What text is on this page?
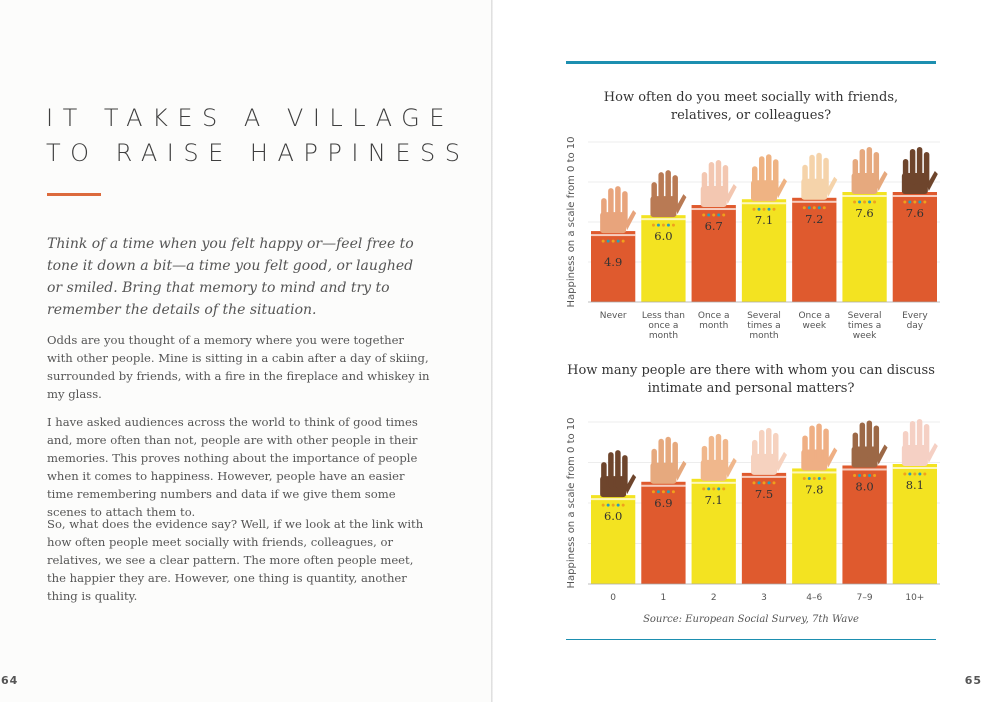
IT TAKES A VILLAGE
TO RAISE HAPPINESS
Think of a time when you felt happy or—feel free to tone it down a bit—a time you felt good, or laughed or smiled. Bring that memory to mind and try to remember the details of the situation.

Odds are you thought of a memory where you were together with other people. Mine is sitting in a cabin after a day of skiing, surrounded by friends, with a fire in the fireplace and whiskey in my glass.

I have asked audiences across the world to think of good times and, more often than not, people are with other people in their memories. This proves nothing about the importance of people when it comes to happiness. However, people have an easier time remembering numbers and data if we give them some scenes to attach them to.

So, what does the evidence say? Well, if we look at the link with how often people meet socially with friends, colleagues, or relatives, we see a clear pattern. The more often people meet, the happier they are. However, one thing is quantity, another thing is quality.

64	65
How often do you meet socially with friends,
relatives, or colleagues?
Happiness on a scale from 0 to 10 4.9
Never
6.0
Less than
once a
month
6.7
Once a
month
7.1
Several
times a
month
7.2
Once a
week
7.6
Several
times a
week
7.6
Every
day
How many people are there with whom you can discuss
intimate and personal matters?
Happiness on a scale from 0 to 10 6.0
0
6.9
1
7.1
2
7.5
3
7.8
4–6
8.0
7–9
8.1
10+
Source: European Social Survey, 7th Wave
